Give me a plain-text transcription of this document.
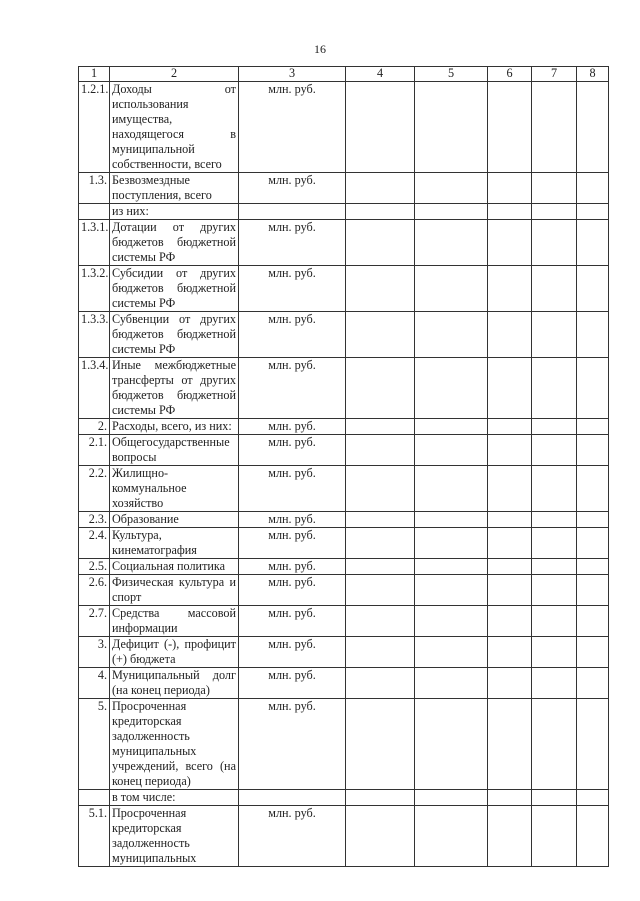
16
1	2	3	4	5	6	7	8
1.2.1.	Доходы от использования имущества, находящегося в муниципальной собственности, всего	млн. руб.					
1.3.	Безвозмездные поступления, всего	млн. руб.					
	из них:						
1.3.1.	Дотации от других бюджетов бюджетной системы РФ	млн. руб.					
1.3.2.	Субсидии от других бюджетов бюджетной системы РФ	млн. руб.					
1.3.3.	Субвенции от других бюджетов бюджетной системы РФ	млн. руб.					
1.3.4.	Иные межбюджетные трансферты от других бюджетов бюджетной системы РФ	млн. руб.					
2.	Расходы, всего, из них:	млн. руб.					
2.1.	Общегосударственные вопросы	млн. руб.					
2.2.	Жилищно-коммунальное хозяйство	млн. руб.					
2.3.	Образование	млн. руб.					
2.4.	Культура, кинематография	млн. руб.					
2.5.	Социальная политика	млн. руб.					
2.6.	Физическая культура и спорт	млн. руб.					
2.7.	Средства массовой информации	млн. руб.					
3.	Дефицит (-), профицит (+) бюджета	млн. руб.					
4.	Муниципальный долг (на конец периода)	млн. руб.					
5.	Просроченная кредиторская задолженность муниципальных учреждений, всего (на конец периода)	млн. руб.					
	в том числе:						
5.1.	Просроченная кредиторская задолженность муниципальных	млн. руб.					
